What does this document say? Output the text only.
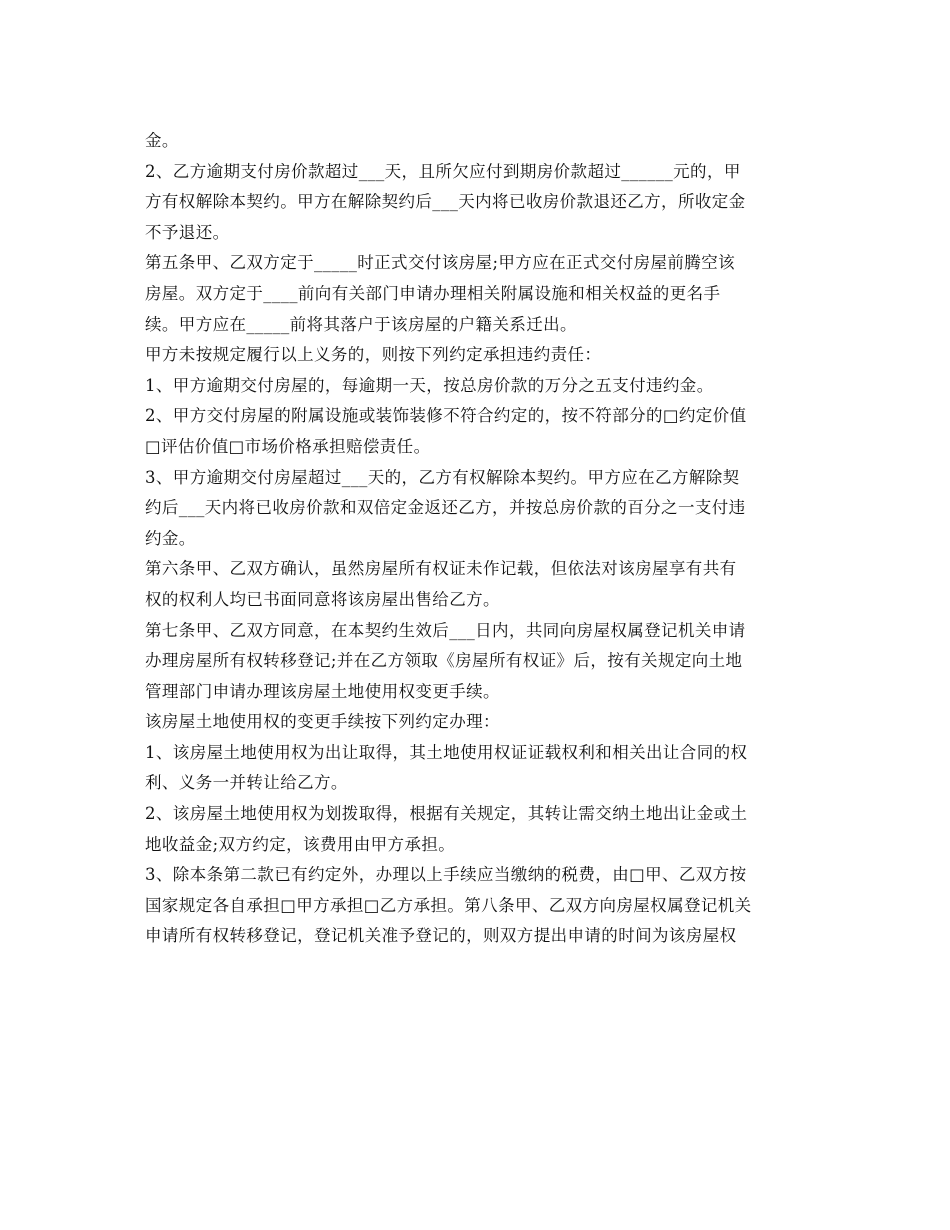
金。
2、乙方逾期支付房价款超过___天，且所欠应付到期房价款超过______元的，甲
方有权解除本契约。甲方在解除契约后___天内将已收房价款退还乙方，所收定金
不予退还。
第五条甲、乙双方定于_____时正式交付该房屋;甲方应在正式交付房屋前腾空该
房屋。双方定于____前向有关部门申请办理相关附属设施和相关权益的更名手
续。甲方应在_____前将其落户于该房屋的户籍关系迁出。
甲方未按规定履行以上义务的，则按下列约定承担违约责任：
1、甲方逾期交付房屋的，每逾期一天，按总房价款的万分之五支付违约金。
2、甲方交付房屋的附属设施或装饰装修不符合约定的，按不符部分的□约定价值
□评估价值□市场价格承担赔偿责任。
3、甲方逾期交付房屋超过___天的，乙方有权解除本契约。甲方应在乙方解除契
约后___天内将已收房价款和双倍定金返还乙方，并按总房价款的百分之一支付违
约金。
第六条甲、乙双方确认，虽然房屋所有权证未作记载，但依法对该房屋享有共有
权的权利人均已书面同意将该房屋出售给乙方。
第七条甲、乙双方同意，在本契约生效后___日内，共同向房屋权属登记机关申请
办理房屋所有权转移登记;并在乙方领取《房屋所有权证》后，按有关规定向土地
管理部门申请办理该房屋土地使用权变更手续。
该房屋土地使用权的变更手续按下列约定办理：
1、该房屋土地使用权为出让取得，其土地使用权证证载权利和相关出让合同的权
利、义务一并转让给乙方。
2、该房屋土地使用权为划拨取得，根据有关规定，其转让需交纳土地出让金或土
地收益金;双方约定，该费用由甲方承担。
3、除本条第二款已有约定外，办理以上手续应当缴纳的税费，由□甲、乙双方按
国家规定各自承担□甲方承担□乙方承担。第八条甲、乙双方向房屋权属登记机关
申请所有权转移登记，登记机关准予登记的，则双方提出申请的时间为该房屋权
